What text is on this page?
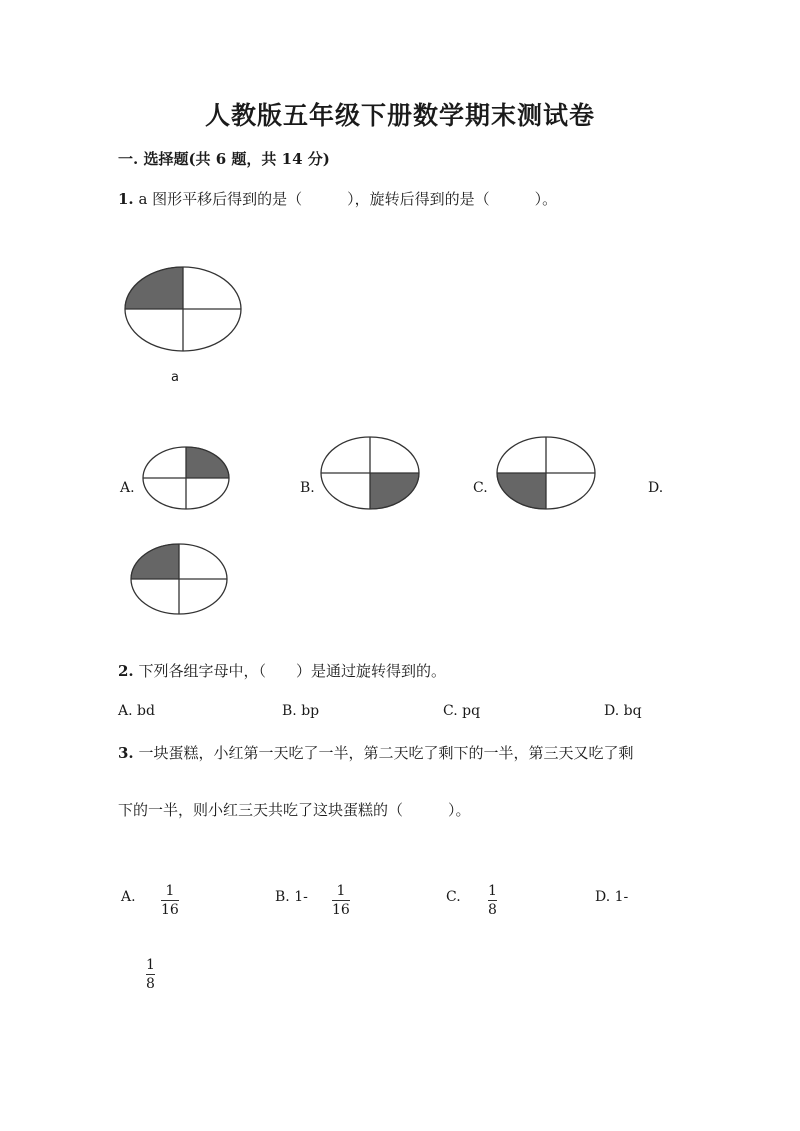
人教版五年级下册数学期末测试卷
一. 选择题(共 6 题，共 14 分)
1. a 图形平移后得到的是（　　　），旋转后得到的是（　　　）。
a
A.	B.	C.	D.
2. 下列各组字母中，（　　）是通过旋转得到的。
A. bd	B. bp	C. pq	D. bq
3. 一块蛋糕，小红第一天吃了一半，第二天吃了剩下的一半，第三天又吃了剩
下的一半，则小红三天共吃了这块蛋糕的（　　　）。
A. 1
16
B. 1- 1
16
C. 1
8
D. 1-
1
8
